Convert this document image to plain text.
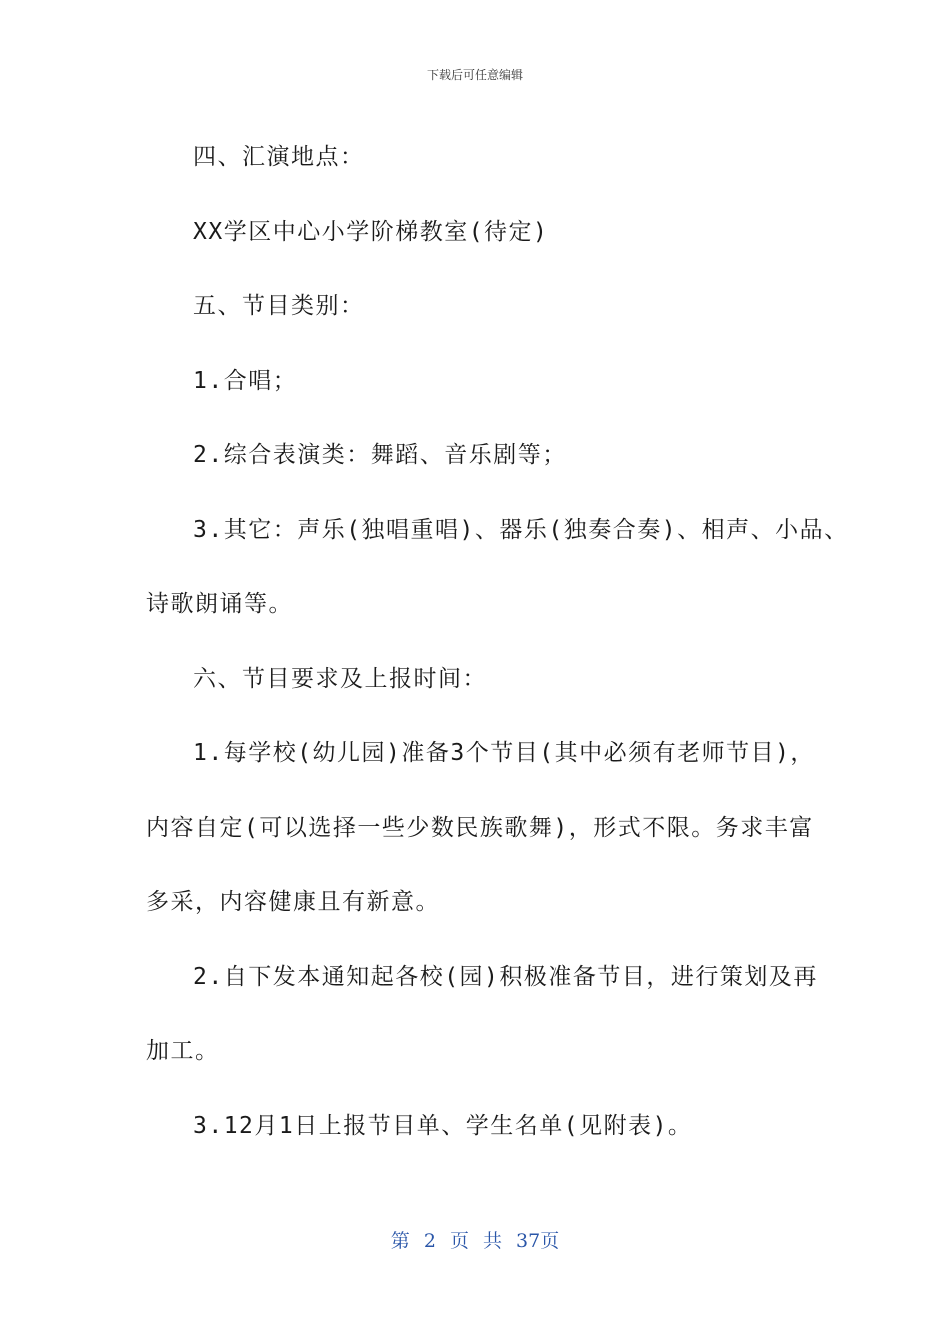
下载后可任意编辑

四、汇演地点：

XX学区中心小学阶梯教室(待定)

五、节目类别：

1.合唱；

2.综合表演类：舞蹈、音乐剧等；

3.其它：声乐(独唱重唱)、器乐(独奏合奏)、相声、小品、

诗歌朗诵等。

六、节目要求及上报时间：

1.每学校(幼儿园)准备3个节目(其中必须有老师节目)，

内容自定(可以选择一些少数民族歌舞)，形式不限。务求丰富

多采，内容健康且有新意。

2.自下发本通知起各校(园)积极准备节目，进行策划及再

加工。

3.12月1日上报节目单、学生名单(见附表)。

第 2 页 共 37页
